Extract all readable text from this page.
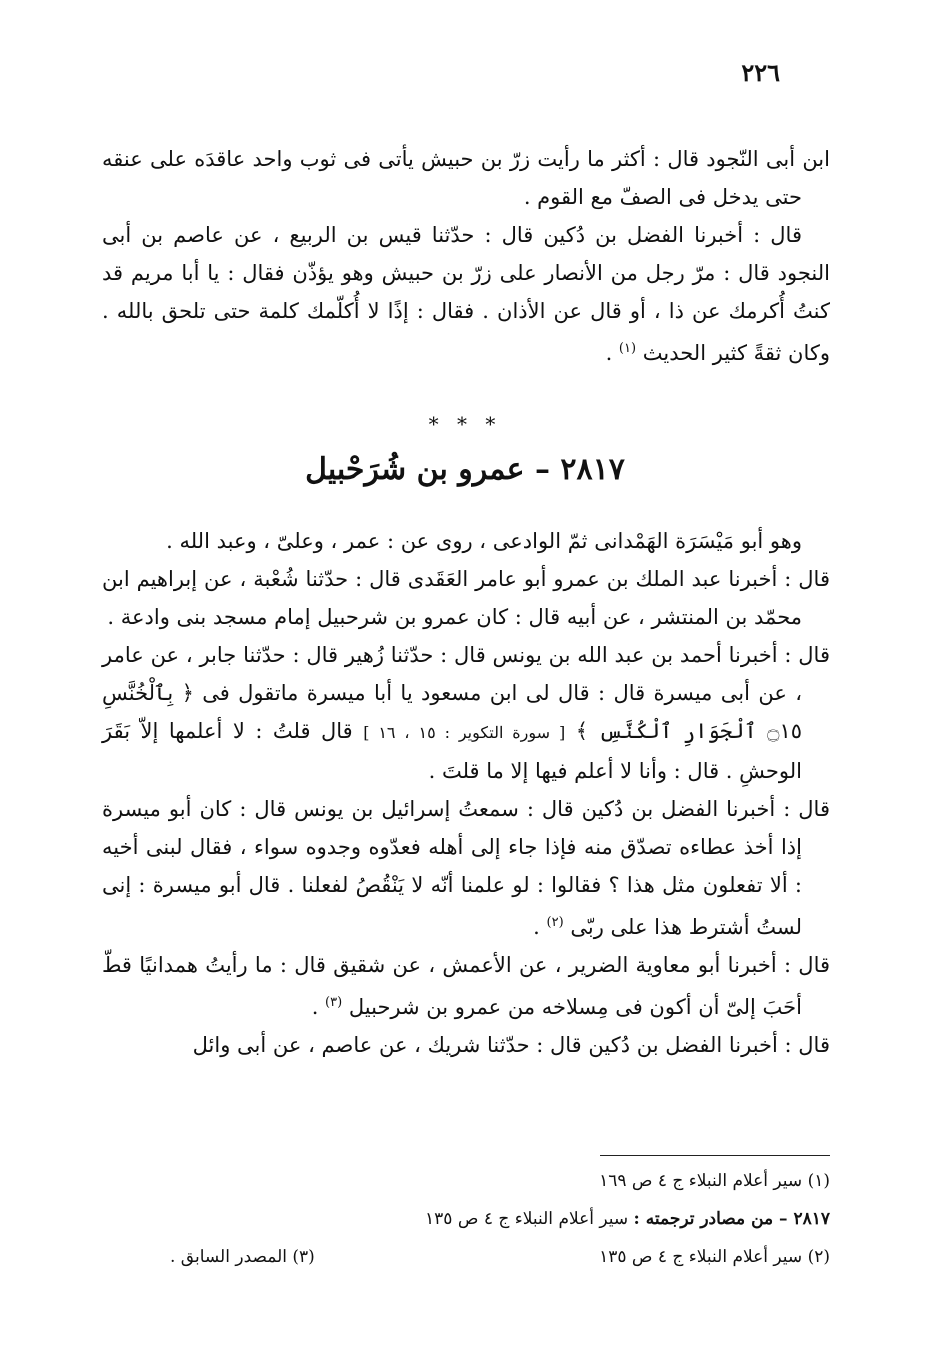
٢٢٦

ابن أبى النّجود قال : أكثر ما رأيت زرّ بن حبيش يأتى فى ثوب واحد عاقدَه على عنقه حتى يدخل فى الصفّ مع القوم .

قال : أخبرنا الفضل بن دُكين قال : حدّثنا قيس بن الربيع ، عن عاصم بن أبى النجود قال : مرّ رجل من الأنصار على زرّ بن حبيش وهو يؤذّن فقال : يا أبا مريم قد كنتُ أُكرمك عن ذا ، أو قال عن الأذان . فقال : إذًا لا أُكلّمك كلمة حتى تلحق بالله . وكان ثقةً كثير الحديث $^{(١)}$ .

* * *
٢٨١٧ – عمرو بن شُرَحْبيل

وهو أبو مَيْسَرَة الهَمْدانى ثمّ الوادعى ، روى عن : عمر ، وعلىّ ، وعبد الله .

قال : أخبرنا عبد الملك بن عمرو أبو عامر العَقَدى قال : حدّثنا شُعْبة ، عن إبراهيم ابن محمّد بن المنتشر ، عن أبيه قال : كان عمرو بن شرحبيل إمام مسجد بنى وادعة .

قال : أخبرنا أحمد بن عبد الله بن يونس قال : حدّثنا زُهير قال : حدّثنا جابر ، عن عامر ، عن أبى ميسرة قال : قال لى ابن مسعود يا أبا ميسرة ماتقول فى ﴿ بِٱلْخُنَّسِ ۝١٥ ٱلْجَوَارِ ٱلْكُنَّسِ ﴾ [ سورة التكوير : ١٥ ، ١٦ ] قال قلتُ : لا أعلمها إلاّ بَقَرَ الوحشِ . قال : وأنا لا أعلم فيها إلا ما قلتَ .

قال : أخبرنا الفضل بن دُكين قال : سمعتُ إسرائيل بن يونس قال : كان أبو ميسرة إذا أخذ عطاءه تصدّق منه فإذا جاء إلى أهله فعدّوه وجدوه سواء ، فقال لبنى أخيه : ألا تفعلون مثل هذا ؟ فقالوا : لو علمنا أنّه لا يَنْقُصُ لفعلنا . قال أبو ميسرة : إنى لستُ أشترط هذا على ربّى $^{(٢)}$ .

قال : أخبرنا أبو معاوية الضرير ، عن الأعمش ، عن شقيق قال : ما رأيتُ همدانيًا قطّ أحَبَ إلىّ أن أكون فى مِسلاخه من عمرو بن شرحبيل $^{(٣)}$ .

قال : أخبرنا الفضل بن دُكين قال : حدّثنا شريك ، عن عاصم ، عن أبى وائل

(١) سير أعلام النبلاء ج ٤ ص ١٦٩
٢٨١٧ – من مصادر ترجمته : سير أعلام النبلاء ج ٤ ص ١٣٥
(٢) سير أعلام النبلاء ج ٤ ص ١٣٥
(٣) المصدر السابق .
